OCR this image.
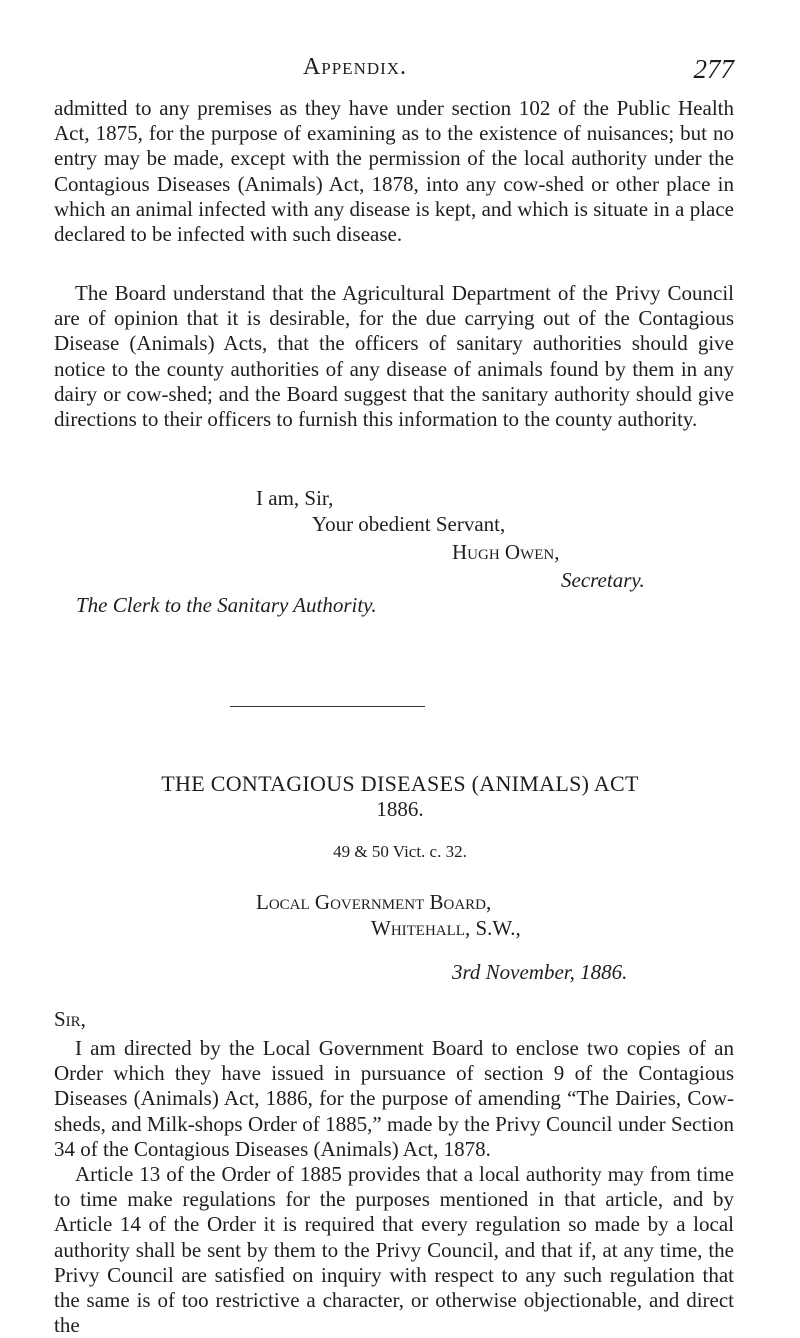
Appendix.	277

admitted to any premises as they have under section 102 of the Public Health Act, 1875, for the purpose of examining as to the existence of nuisances; but no entry may be made, except with the permission of the local authority under the Contagious Diseases (Animals) Act, 1878, into any cow-shed or other place in which an animal infected with any disease is kept, and which is situate in a place declared to be infected with such disease.

The Board understand that the Agricultural Department of the Privy Council are of opinion that it is desirable, for the due carrying out of the Contagious Disease (Animals) Acts, that the officers of sanitary authorities should give notice to the county authorities of any disease of animals found by them in any dairy or cow-shed; and the Board suggest that the sanitary authority should give directions to their officers to furnish this information to the county authority.

I am, Sir,
Your obedient Servant,
Hugh Owen,
Secretary.
The Clerk to the Sanitary Authority.
THE CONTAGIOUS DISEASES (ANIMALS) ACT
1886.
49 & 50 Vict. c. 32.
Local Government Board,
Whitehall, S.W.,
3rd November, 1886.
Sir,

I am directed by the Local Government Board to enclose two copies of an Order which they have issued in pursuance of section 9 of the Contagious Diseases (Animals) Act, 1886, for the purpose of amending “The Dairies, Cow-sheds, and Milk-shops Order of 1885,” made by the Privy Council under Section 34 of the Contagious Diseases (Animals) Act, 1878.

Article 13 of the Order of 1885 provides that a local authority may from time to time make regulations for the purposes mentioned in that article, and by Article 14 of the Order it is required that every regulation so made by a local authority shall be sent by them to the Privy Council, and that if, at any time, the Privy Council are satisfied on inquiry with respect to any such regulation that the same is of too restrictive a character, or otherwise objectionable, and direct the
